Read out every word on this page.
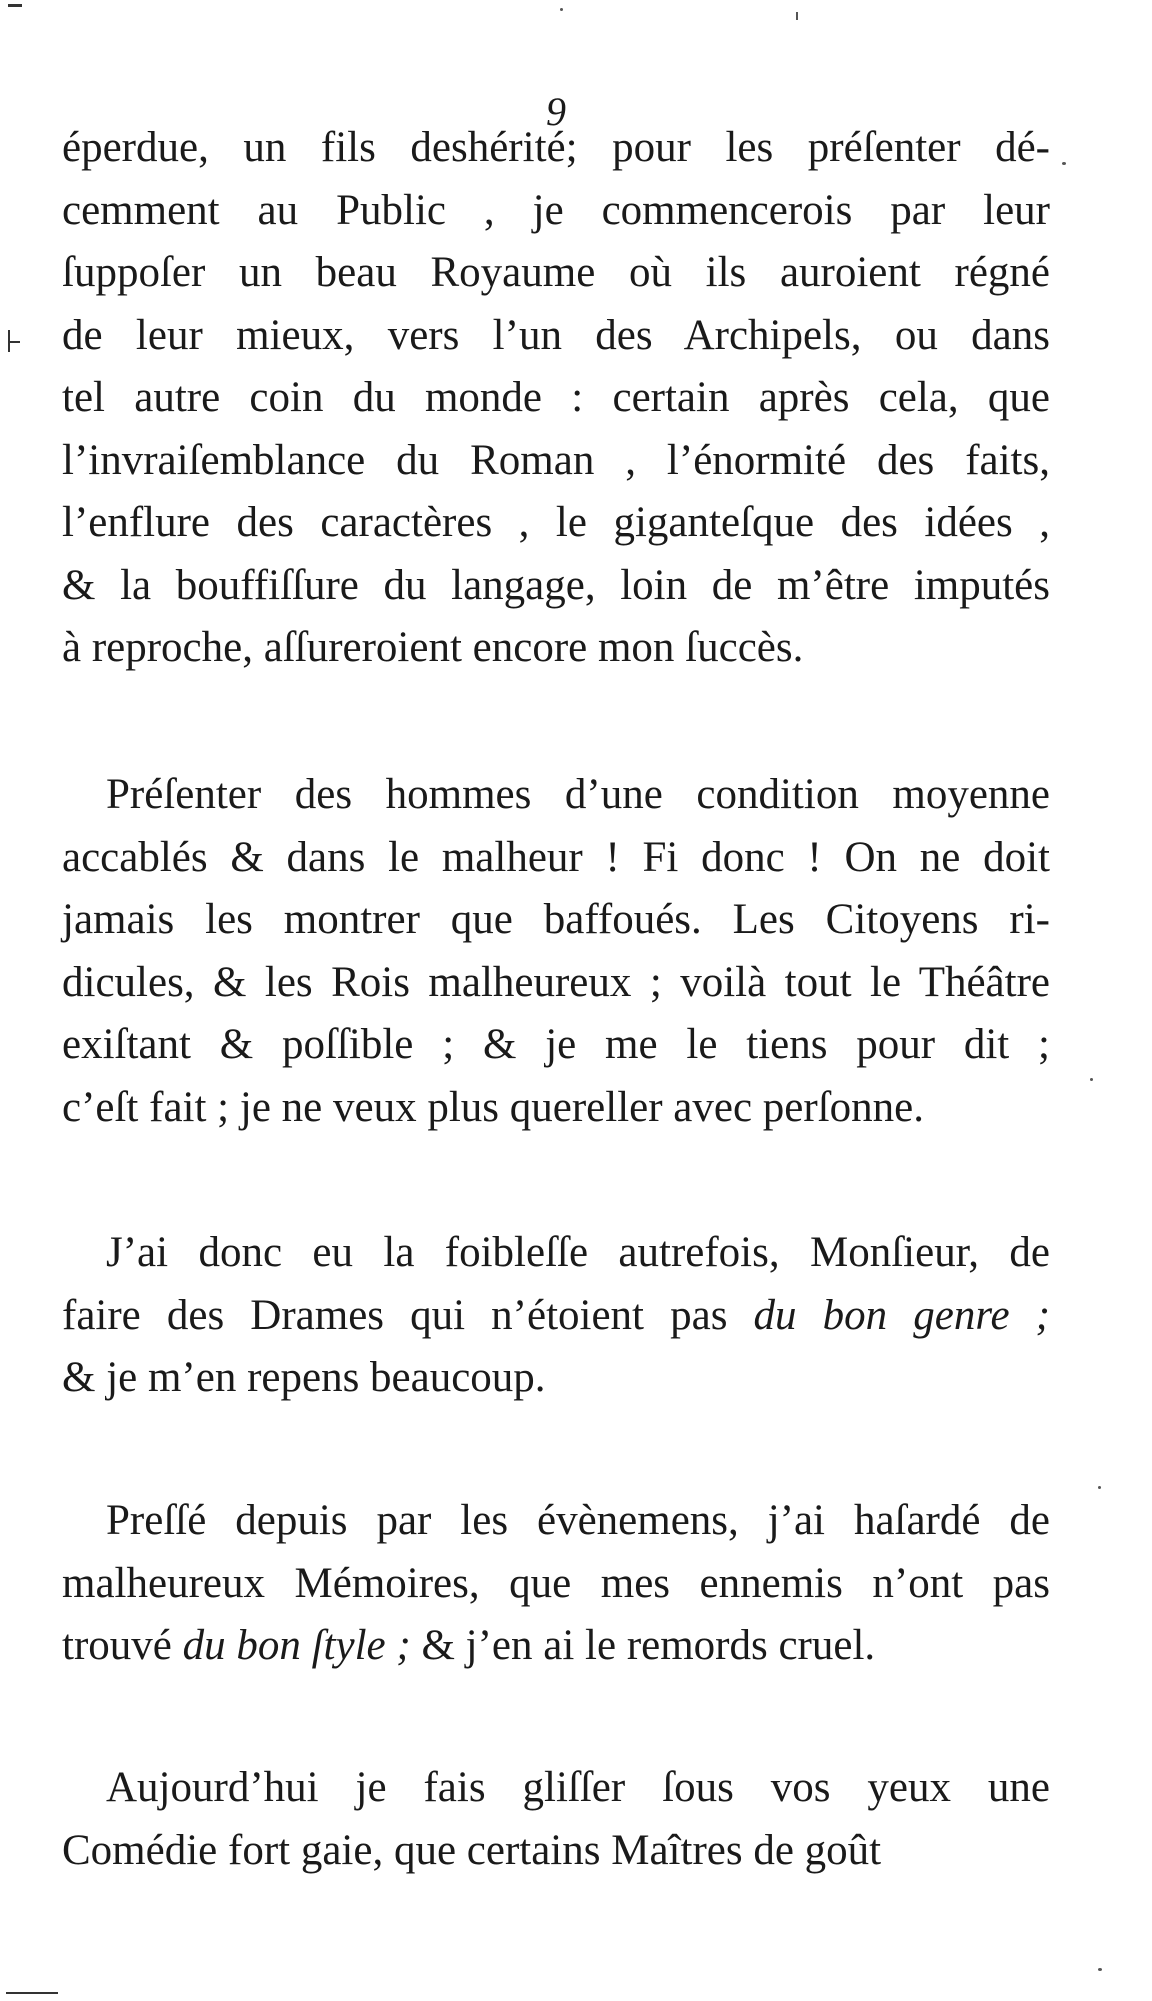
9
éperdue, un fils deshérité; pour les préſenter dé-
cemment au Public , je commencerois par leur
ſuppoſer un beau Royaume où ils auroient régné
de leur mieux, vers l’un des Archipels, ou dans
tel autre coin du monde : certain après cela, que
l’invraiſemblance du Roman , l’énormité des faits,
l’enflure des caractères , le giganteſque des idées ,
& la bouffiſſure du langage, loin de m’être imputés
à reproche, aſſureroient encore mon ſuccès.
Préſenter des hommes d’une condition moyenne
accablés & dans le malheur ! Fi donc ! On ne doit
jamais les montrer que baffoués. Les Citoyens ri-
dicules, & les Rois malheureux ; voilà tout le Théâtre
exiſtant & poſſible ; & je me le tiens pour dit ;
c’eſt fait ; je ne veux plus quereller avec perſonne.
J’ai donc eu la foibleſſe autrefois, Monſieur, de
faire des Drames qui n’étoient pas du bon genre ;
& je m’en repens beaucoup.
Preſſé depuis par les évènemens, j’ai haſardé de
malheureux Mémoires, que mes ennemis n’ont pas
trouvé du bon ſtyle ; & j’en ai le remords cruel.
Aujourd’hui je fais gliſſer ſous vos yeux une
Comédie fort gaie, que certains Maîtres de goût
